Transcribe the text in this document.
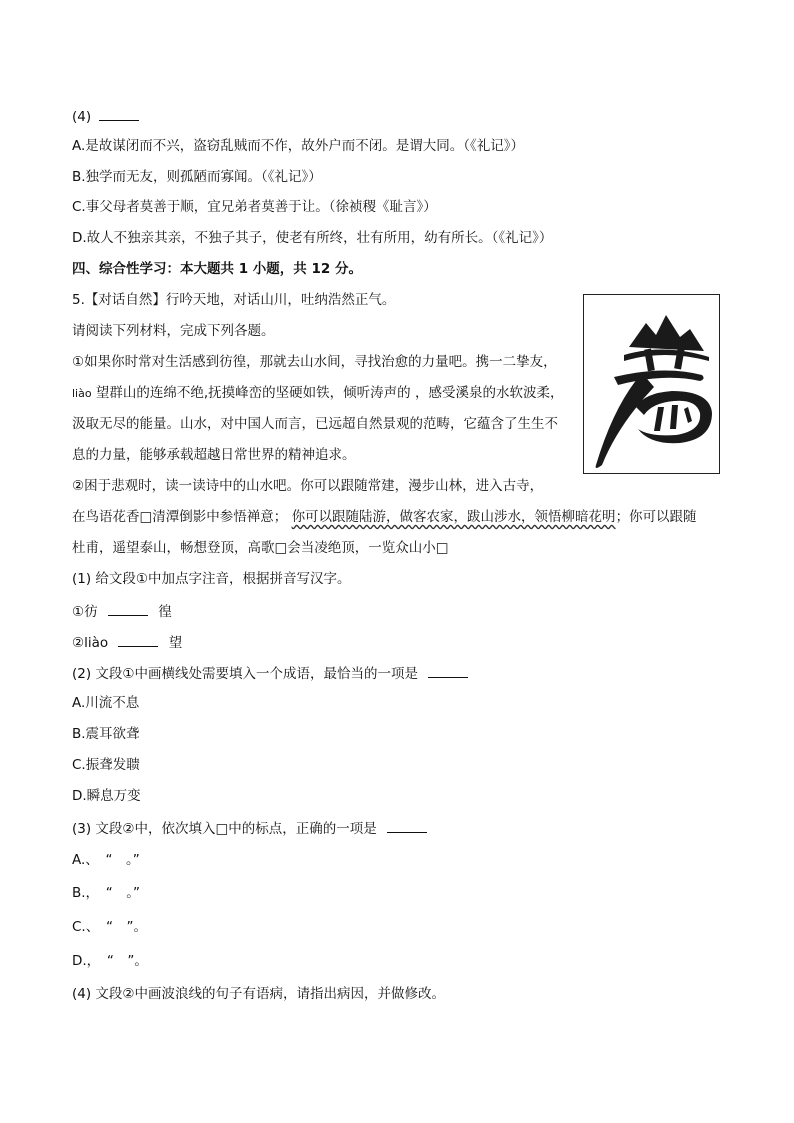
(4)
A.是故谋闭而不兴，盗窃乱贼而不作，故外户而不闭。是谓大同。（《礼记》）
B.独学而无友，则孤陋而寡闻。（《礼记》）
C.事父母者莫善于顺，宜兄弟者莫善于让。（徐祯稷《耻言》）
D.故人不独亲其亲，不独子其子，使老有所终，壮有所用，幼有所长。（《礼记》）
四、综合性学习：本大题共 1 小题，共 12 分。
5.【对话自然】行吟天地，对话山川，吐纳浩然正气。
请阅读下列材料，完成下列各题。
①如果你时常对生活感到彷徨，那就去山水间，寻找治愈的力量吧。携一二挚友，
liào 望群山的连绵不绝,抚摸峰峦的坚硬如铁，倾听涛声的 ，感受溪泉的水软波柔，
汲取无尽的能量。山水，对中国人而言，已远超自然景观的范畴，它蕴含了生生不
息的力量，能够承载超越日常世界的精神追求。
②困于悲观时，读一读诗中的山水吧。你可以跟随常建，漫步山林，进入古寺，
在鸟语花香□清潭倒影中参悟禅意； 你可以跟随陆游，做客农家，跋山涉水，领悟柳暗花明；你可以跟随
杜甫，遥望泰山，畅想登顶，高歌□会当凌绝顶，一览众山小□
(1) 给文段①中加点字注音，根据拼音写汉字。
①彷	徨
②liào	望
(2) 文段①中画横线处需要填入一个成语，最恰当的一项是
A.川流不息
B.震耳欲聋
C.振聋发聩
D.瞬息万变
(3) 文段②中，依次填入□中的标点，正确的一项是
A.、　“　。”
B.，　“　。”
C.、　“　”。
D.，　“　”。
(4) 文段②中画波浪线的句子有语病，请指出病因，并做修改。
